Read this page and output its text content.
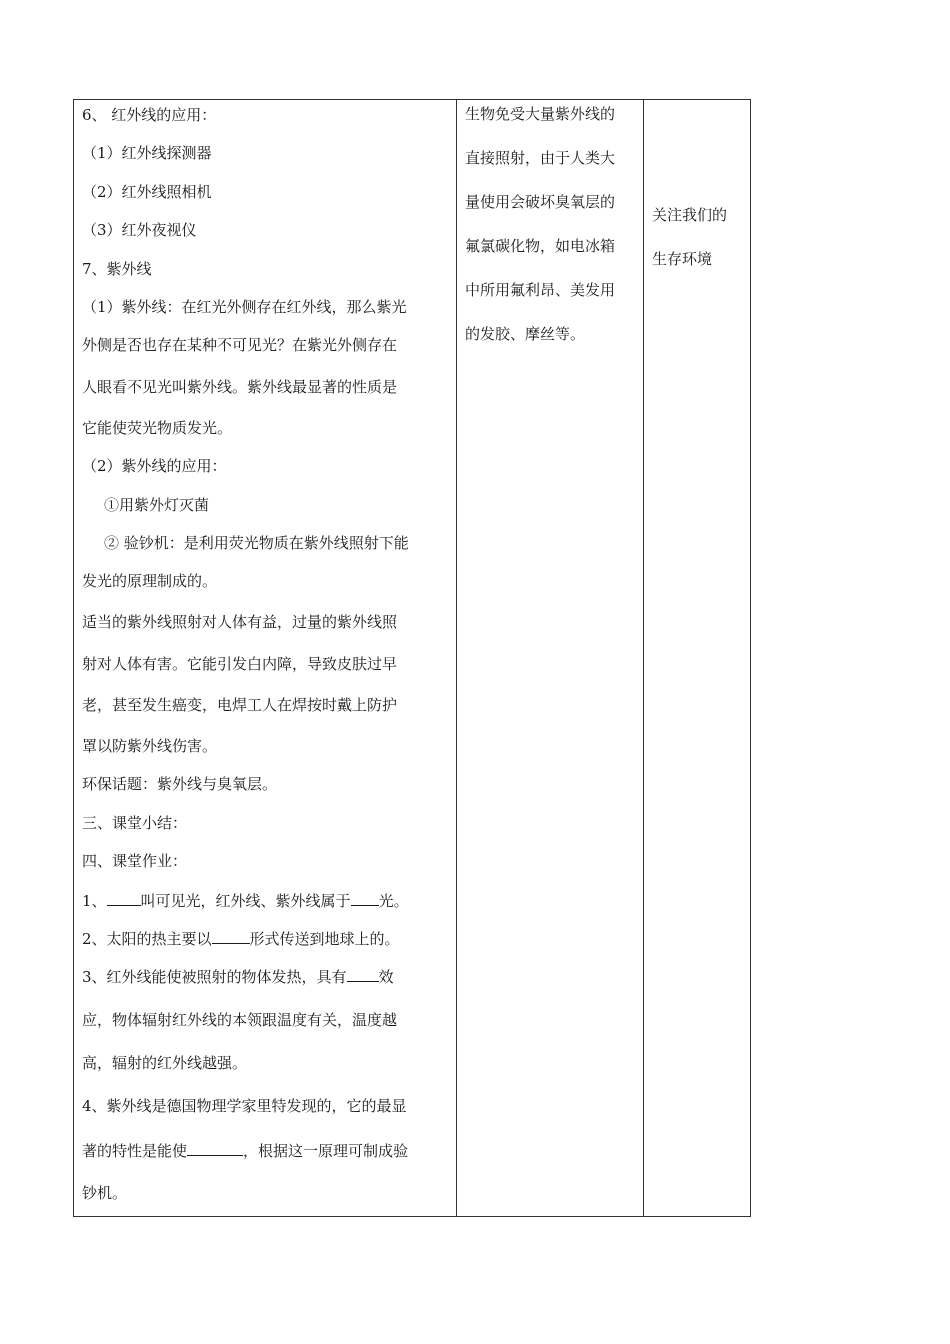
6、 红外线的应用：
（1）红外线探测器
（2）红外线照相机
（3）红外夜视仪
7、紫外线
（1）紫外线：在红光外侧存在红外线，那么紫光
外侧是否也存在某种不可见光？在紫光外侧存在
人眼看不见光叫紫外线。紫外线最显著的性质是
它能使荧光物质发光。
（2）紫外线的应用：
①用紫外灯灭菌
② 验钞机：是利用荧光物质在紫外线照射下能
发光的原理制成的。
适当的紫外线照射对人体有益，过量的紫外线照
射对人体有害。它能引发白内障，导致皮肤过早
老，甚至发生癌变，电焊工人在焊按时戴上防护
罩以防紫外线伤害。
环保话题：紫外线与臭氧层。
三、课堂小结：
四、课堂作业：
1、 叫可见光，红外线、紫外线属于 光。
2、太阳的热主要以	形式传送到地球上的。
3、红外线能使被照射的物体发热，具有 效
应，物体辐射红外线的本领跟温度有关，温度越
高，辐射的红外线越强。
4、紫外线是德国物理学家里特发现的，它的最显
著的特性是能使	，根据这一原理可制成验
钞机。
生物免受大量紫外线的
直接照射，由于人类大
量使用会破坏臭氧层的
氟氯碳化物，如电冰箱
中所用氟利昂、美发用
的发胶、摩丝等。
关注我们的
生存环境
